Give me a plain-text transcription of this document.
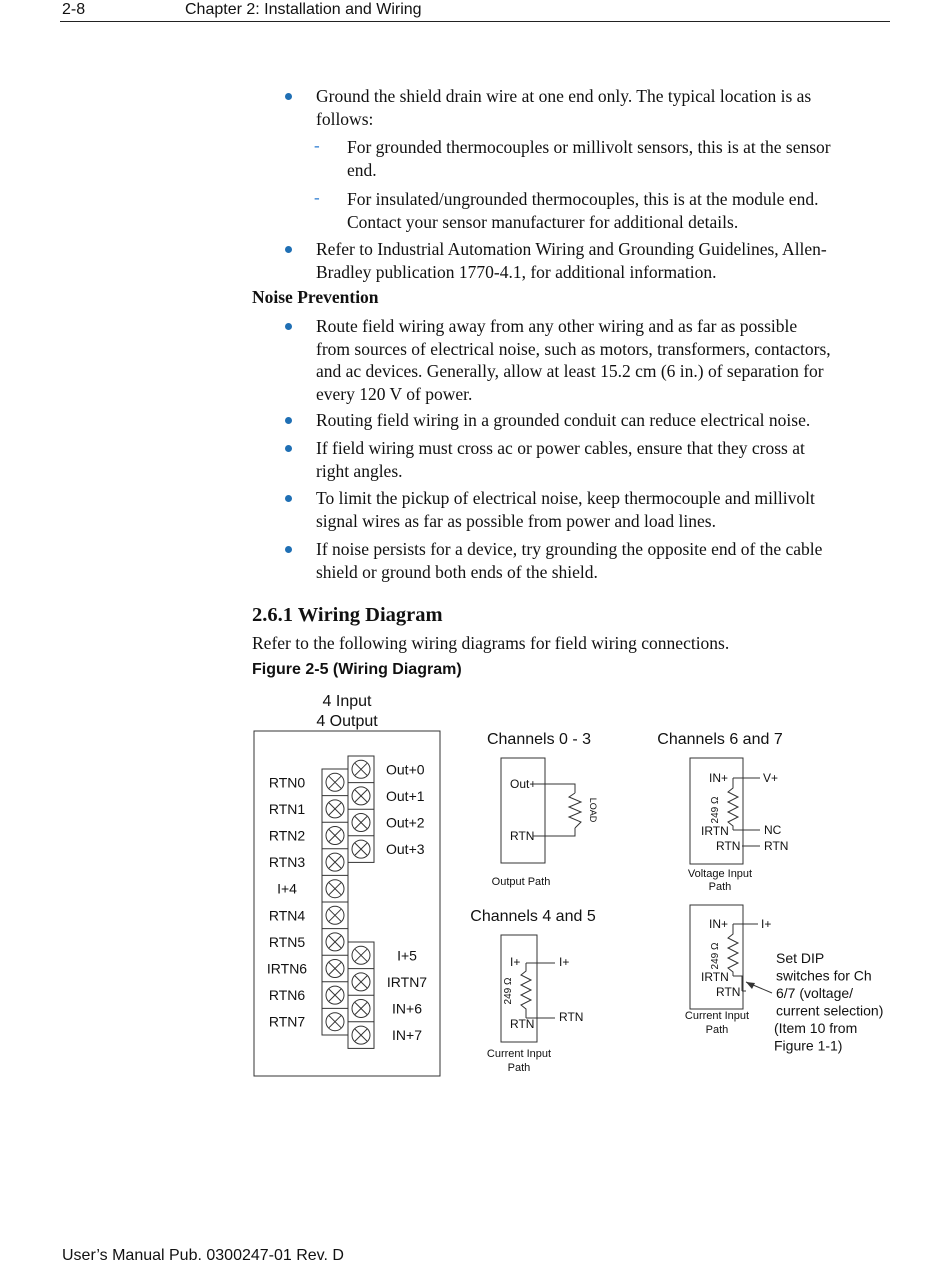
2-8	Chapter 2: Installation and Wiring
Ground the shield drain wire at one end only. The typical location is as
follows:
- For grounded thermocouples or millivolt sensors, this is at the sensor
end.
- For insulated/ungrounded thermocouples, this is at the module end.
Contact your sensor manufacturer for additional details.
Refer to Industrial Automation Wiring and Grounding Guidelines, Allen-
Bradley publication 1770-4.1, for additional information.
Noise Prevention
Route field wiring away from any other wiring and as far as possible
from sources of electrical noise, such as motors, transformers, contactors,
and ac devices. Generally, allow at least 15.2 cm (6 in.) of separation for
every 120 V of power.
Routing field wiring in a grounded conduit can reduce electrical noise.
If field wiring must cross ac or power cables, ensure that they cross at
right angles.
To limit the pickup of electrical noise, keep thermocouple and millivolt
signal wires as far as possible from power and load lines.
If noise persists for a device, try grounding the opposite end of the cable
shield or ground both ends of the shield.
2.6.1 Wiring Diagram
Refer to the following wiring diagrams for field wiring connections.
Figure 2-5 (Wiring Diagram)
4 Input
4 Output
RTN0
RTN1
RTN2
RTN3
I+4
RTN4
RTN5
IRTN6
RTN6
RTN7
Out+0
Out+1
Out+2
Out+3
I+5
IRTN7
IN+6
IN+7
Channels 0 - 3
Out+
RTN
LOAD
Output Path
Channels 6 and 7
IN+
249 Ω
IRTN
RTN
V+
NC
RTN
Voltage Input
Path
Channels 4 and 5
I+
RTN
249 Ω
I+
RTN
Current Input
Path
IN+
249 Ω
IRTN
RTN
I+
Current Input
Path
Set DIP
switches for Ch
6/7 (voltage/
current selection)
(Item 10 from
Figure 1-1)
User’s Manual Pub. 0300247-01 Rev. D
